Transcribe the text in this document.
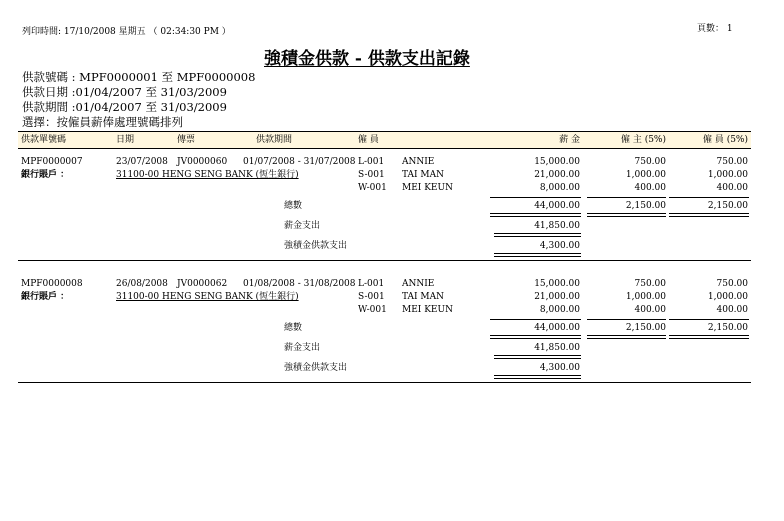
列印時間: 17/10/2008 星期五 （ 02:34:30 PM ）	頁數： 1
強積金供款 - 供款支出記錄
供款號碼 : MPF0000001 至 MPF0000008
供款日期 :01/04/2007 至 31/03/2009
供款期間 :01/04/2007 至 31/03/2009
選擇：按僱員薪俸處理號碼排列
供款單號碼	日期	傳票	供款期間	僱 員	薪 金	僱 主 (5%)	僱 員 (5%)
MPF0000007	23/07/2008 JV0000060 01/07/2008 - 31/07/2008
銀行賬戶 ：	31100-00 HENG SENG BANK (恆生銀行)
L-001 ANNIE	15,000.00	750.00	750.00
S-001 TAI MAN	21,000.00	1,000.00	1,000.00
W-001 MEI KEUN	8,000.00	400.00	400.00
總數	44,000.00	2,150.00	2,150.00
薪金支出	41,850.00
強積金供款支出	4,300.00
MPF0000008	26/08/2008 JV0000062 01/08/2008 - 31/08/2008
銀行賬戶 ：	31100-00 HENG SENG BANK (恆生銀行)
L-001 ANNIE	15,000.00	750.00	750.00
S-001 TAI MAN	21,000.00	1,000.00	1,000.00
W-001 MEI KEUN	8,000.00	400.00	400.00
總數	44,000.00	2,150.00	2,150.00
薪金支出	41,850.00
強積金供款支出	4,300.00
